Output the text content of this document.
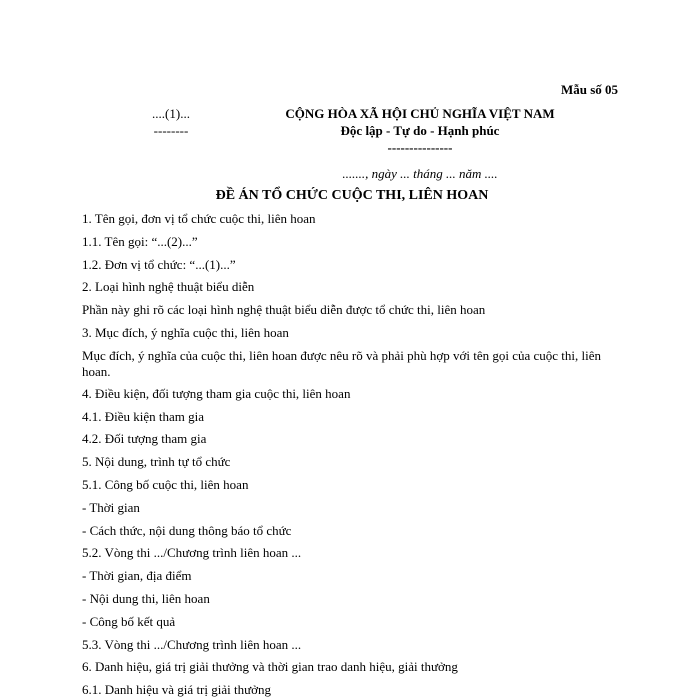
Mẫu số 05
....(1)...
--------
CỘNG HÒA XÃ HỘI CHỦ NGHĨA VIỆT NAM
Độc lập - Tự do - Hạnh phúc
---------------
......., ngày ... tháng ... năm ....
ĐỀ ÁN TỔ CHỨC CUỘC THI, LIÊN HOAN
1. Tên gọi, đơn vị tổ chức cuộc thi, liên hoan
1.1. Tên gọi: “...(2)...”
1.2. Đơn vị tổ chức: “...(1)...”
2. Loại hình nghệ thuật biểu diễn
Phần này ghi rõ các loại hình nghệ thuật biểu diễn được tổ chức thi, liên hoan
3. Mục đích, ý nghĩa cuộc thi, liên hoan
Mục đích, ý nghĩa của cuộc thi, liên hoan được nêu rõ và phải phù hợp với tên gọi của cuộc thi, liên hoan.
4. Điều kiện, đối tượng tham gia cuộc thi, liên hoan
4.1. Điều kiện tham gia
4.2. Đối tượng tham gia
5. Nội dung, trình tự tổ chức
5.1. Công bố cuộc thi, liên hoan
- Thời gian
- Cách thức, nội dung thông báo tổ chức
5.2. Vòng thi .../Chương trình liên hoan ...
- Thời gian, địa điểm
- Nội dung thi, liên hoan
- Công bố kết quả
5.3. Vòng thi .../Chương trình liên hoan ...
6. Danh hiệu, giá trị giải thưởng và thời gian trao danh hiệu, giải thưởng
6.1. Danh hiệu và giá trị giải thưởng
